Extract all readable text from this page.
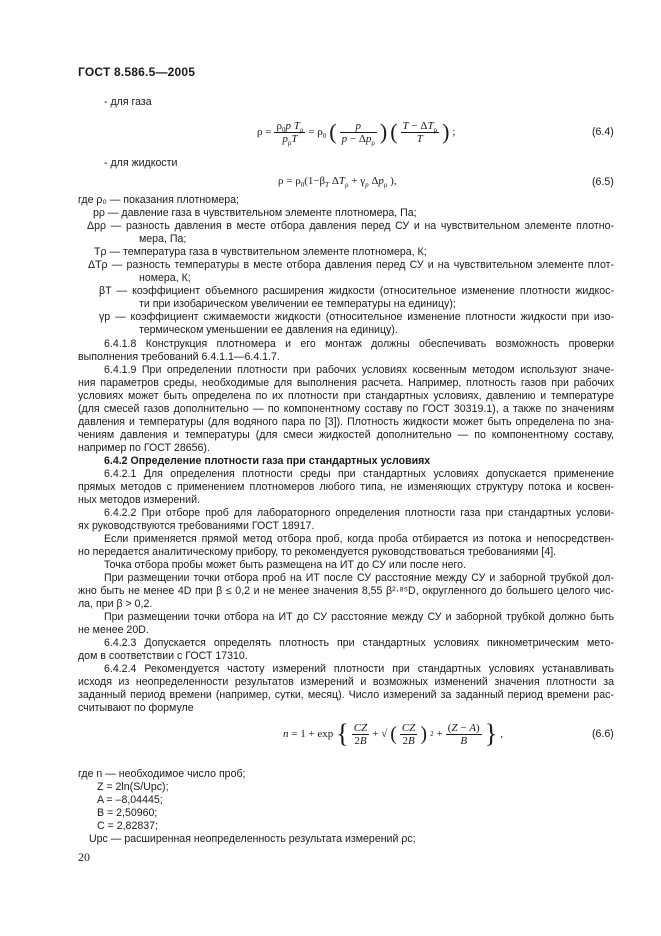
ГОСТ 8.586.5—2005
- для газа
$\rho = \frac{\rho_0p T_\rho}{p_\rho T} = \rho_0$ ( $\frac{p}{p - \Delta p_\rho}$ ) ( $\frac{T - \Delta T_\rho}{T}$ ) ;	(6.4)
- для жидкости
$\rho = \rho_0(1-\beta_T$ $\Delta T_\rho + \gamma_p$ $\Delta p_\rho$ ),	(6.5)
где ρ₀ — показания плотномера;
pρ — давление газа в чувствительном элементе плотномера, Па;
Δpρ — разность давления в месте отбора давления перед СУ и на чувствительном элементе плотно-
мера, Па;
Tρ — температура газа в чувствительном элементе плотномера, К;
ΔTρ — разность температуры в месте отбора давления перед СУ и на чувствительном элементе плот-
номера, К;
βT — коэффициент объемного расширения жидкости (относительное изменение плотности жидкос-
ти при изобарическом увеличении ее температуры на единицу);
γp — коэффициент сжимаемости жидкости (относительное изменение плотности жидкости при изо-
термическом уменьшении ее давления на единицу).
6.4.1.8 Конструкция плотномера и его монтаж должны обеспечивать возможность проверки
выполнения требований 6.4.1.1—6.4.1.7.
6.4.1.9 При определении плотности при рабочих условиях косвенным методом используют значе-
ния параметров среды, необходимые для выполнения расчета. Например, плотность газов при рабочих
условиях может быть определена по их плотности при стандартных условиях, давлению и температуре
(для смесей газов дополнительно — по компонентному составу по ГОСТ 30319.1), а также по значениям
давления и температуры (для водяного пара по [3]). Плотность жидкости может быть определена по зна-
чениям давления и температуры (для смеси жидкостей дополнительно — по компонентному составу,
например по ГОСТ 28656).
6.4.2 Определение плотности газа при стандартных условиях
6.4.2.1 Для определения плотности среды при стандартных условиях допускается применение
прямых методов с применением плотномеров любого типа, не изменяющих структуру потока и косвен-
ных методов измерений.
6.4.2.2 При отборе проб для лабораторного определения плотности газа при стандартных услови-
ях руководствуются требованиями ГОСТ 18917.
Если применяется прямой метод отбора проб, когда проба отбирается из потока и непосредствен-
но передается аналитическому прибору, то рекомендуется руководствоваться требованиями [4].
Точка отбора пробы может быть размещена на ИТ до СУ или после него.
При размещении точки отбора проб на ИТ после СУ расстояние между СУ и заборной трубкой дол-
жно быть не менее 4D при β ≤ 0,2 и не менее значения 8,55 β²·⁸⁵D, округленного до большего целого чис-
ла, при β > 0,2.
При размещении точки отбора на ИТ до СУ расстояние между СУ и заборной трубкой должно быть
не менее 20D.
6.4.2.3 Допускается определять плотность при стандартных условиях пикнометрическим мето-
дом в соответствии с ГОСТ 17310.
6.4.2.4 Рекомендуется частоту измерений плотности при стандартных условиях устанавливать
исходя из неопределенности результатов измерений и возможных изменений значения плотности за
заданный период времени (например, сутки, месяц). Число измерений за заданный период времени рас-
считывают по формуле
n = 1 + exp { $\frac{CZ}{2B}$ + √ ( $\frac{CZ}{2B}$ ) $2 + \frac{(Z - A)}{B}$ } ,	(6.6)
где n — необходимое число проб;
Z = 2ln(S/Upc);
A = –8,04445;
B = 2,50960;
C = 2,82837;
Upc — расширенная неопределенность результата измерений ρc;
20
